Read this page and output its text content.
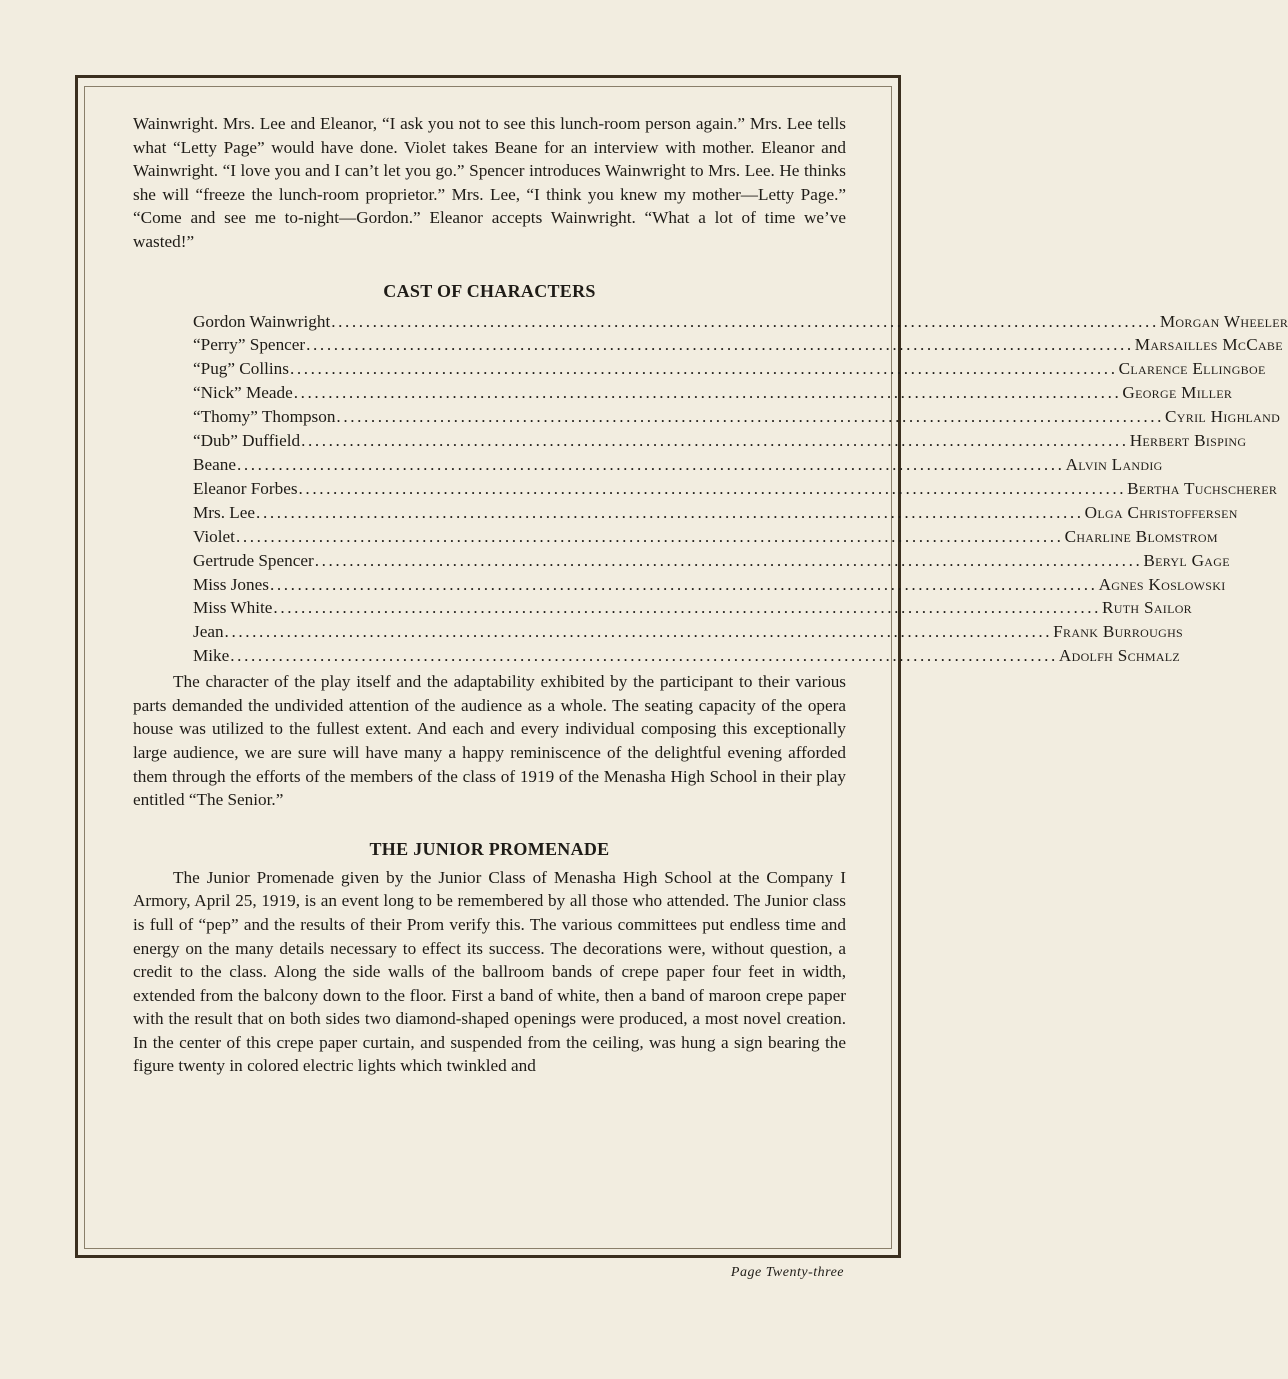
Wainwright. Mrs. Lee and Eleanor, “I ask you not to see this lunch-room person again.” Mrs. Lee tells what “Letty Page” would have done. Violet takes Beane for an interview with mother. Eleanor and Wainwright. “I love you and I can’t let you go.” Spencer introduces Wainwright to Mrs. Lee. He thinks she will “freeze the lunch-room proprietor.” Mrs. Lee, “I think you knew my mother—Letty Page.” “Come and see me to-night—Gordon.” Eleanor accepts Wainwright. “What a lot of time we’ve wasted!”

CAST OF CHARACTERS
Gordon Wainwright ........................................................................................................................ Morgan Wheeler
“Perry” Spencer ........................................................................................................................ Marsailles McCabe
“Pug” Collins ........................................................................................................................ Clarence Ellingboe
“Nick” Meade ........................................................................................................................ George Miller
“Thomy” Thompson ........................................................................................................................ Cyril Highland
“Dub” Duffield ........................................................................................................................ Herbert Bisping
Beane ........................................................................................................................ Alvin Landig
Eleanor Forbes ........................................................................................................................ Bertha Tuchscherer
Mrs. Lee ........................................................................................................................ Olga Christoffersen
Violet ........................................................................................................................ Charline Blomstrom
Gertrude Spencer ........................................................................................................................ Beryl Gage
Miss Jones ........................................................................................................................ Agnes Koslowski
Miss White ........................................................................................................................ Ruth Sailor
Jean ........................................................................................................................ Frank Burroughs
Mike ........................................................................................................................ Adolfh Schmalz

The character of the play itself and the adaptability exhibited by the participant to their various parts demanded the undivided attention of the audience as a whole. The seating capacity of the opera house was utilized to the fullest extent. And each and every individual composing this exceptionally large audience, we are sure will have many a happy reminiscence of the delightful evening afforded them through the efforts of the members of the class of 1919 of the Menasha High School in their play entitled “The Senior.”

THE JUNIOR PROMENADE

The Junior Promenade given by the Junior Class of Menasha High School at the Company I Armory, April 25, 1919, is an event long to be remembered by all those who attended. The Junior class is full of “pep” and the results of their Prom verify this. The various committees put endless time and energy on the many details necessary to effect its success. The decorations were, without question, a credit to the class. Along the side walls of the ballroom bands of crepe paper four feet in width, extended from the balcony down to the floor. First a band of white, then a band of maroon crepe paper with the result that on both sides two diamond-shaped openings were produced, a most novel creation. In the center of this crepe paper curtain, and suspended from the ceiling, was hung a sign bearing the figure twenty in colored electric lights which twinkled and

Page Twenty-three
